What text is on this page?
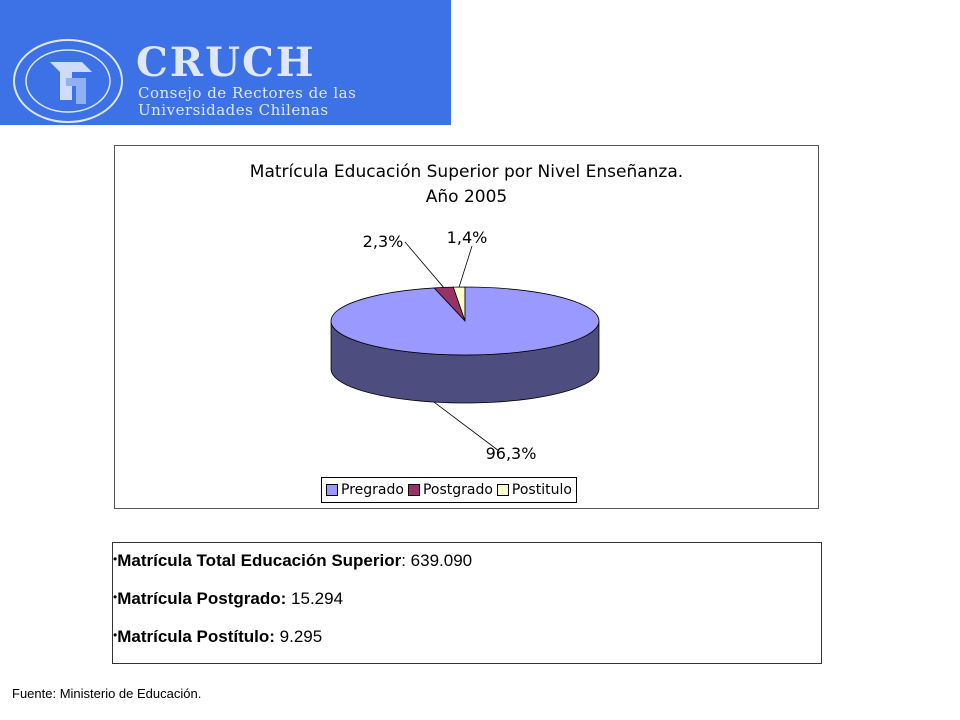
CRUCH
Consejo de Rectores de las
Universidades Chilenas
Matrícula Educación Superior por Nivel Enseñanza.
Año 2005
96,3%
2,3%	1,4%
Pregrado Postgrado Postitulo
•Matrícula Total Educación Superior: 639.090
•Matrícula Postgrado: 15.294
•Matrícula Postítulo: 9.295
Fuente: Ministerio de Educación.
